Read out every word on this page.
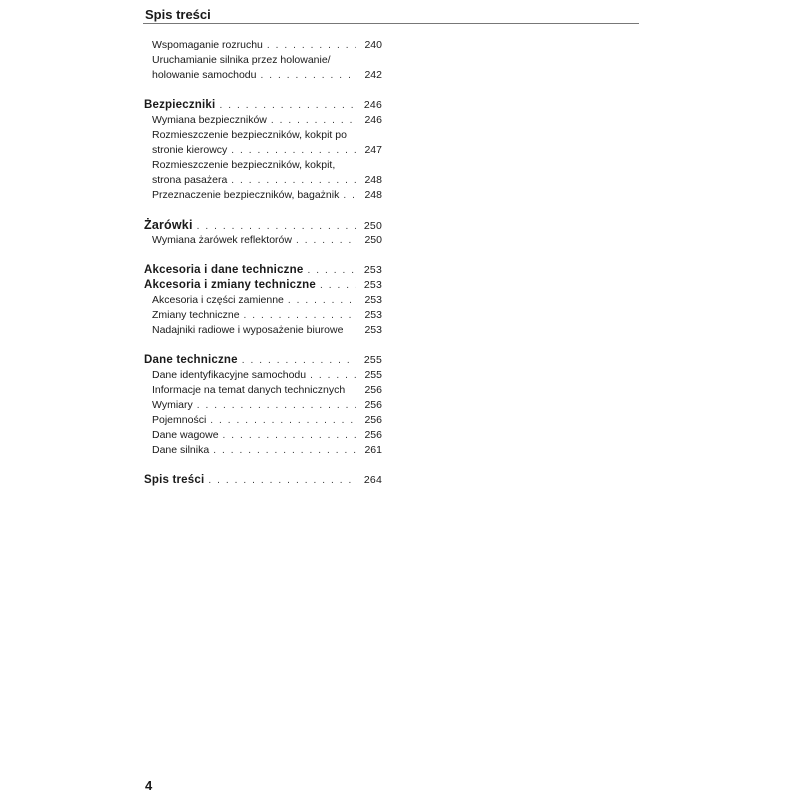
Spis treści
Wspomaganie rozruchu . . .	240
Uruchamianie silnika przez holowanie/
holowanie samochodu . . .	242
Bezpieczniki . . .	246
Wymiana bezpieczników . . .	246
Rozmieszczenie bezpieczników, kokpit po
stronie kierowcy . . .	247
Rozmieszczenie bezpieczników, kokpit,
strona pasażera . . .	248
Przeznaczenie bezpieczników, bagażnik . . .	248
Żarówki . . .	250
Wymiana żarówek reflektorów . . .	250
Akcesoria i dane techniczne . . .	253
Akcesoria i zmiany techniczne . . .	253
Akcesoria i części zamienne . . .	253
Zmiany techniczne . . .	253
Nadajniki radiowe i wyposażenie biurowe	253
Dane techniczne . . .	255
Dane identyfikacyjne samochodu . . .	255
Informacje na temat danych technicznych	256
Wymiary . . .	256
Pojemności . . .	256
Dane wagowe . . .	256
Dane silnika . . .	261
Spis treści . . .	264
4
